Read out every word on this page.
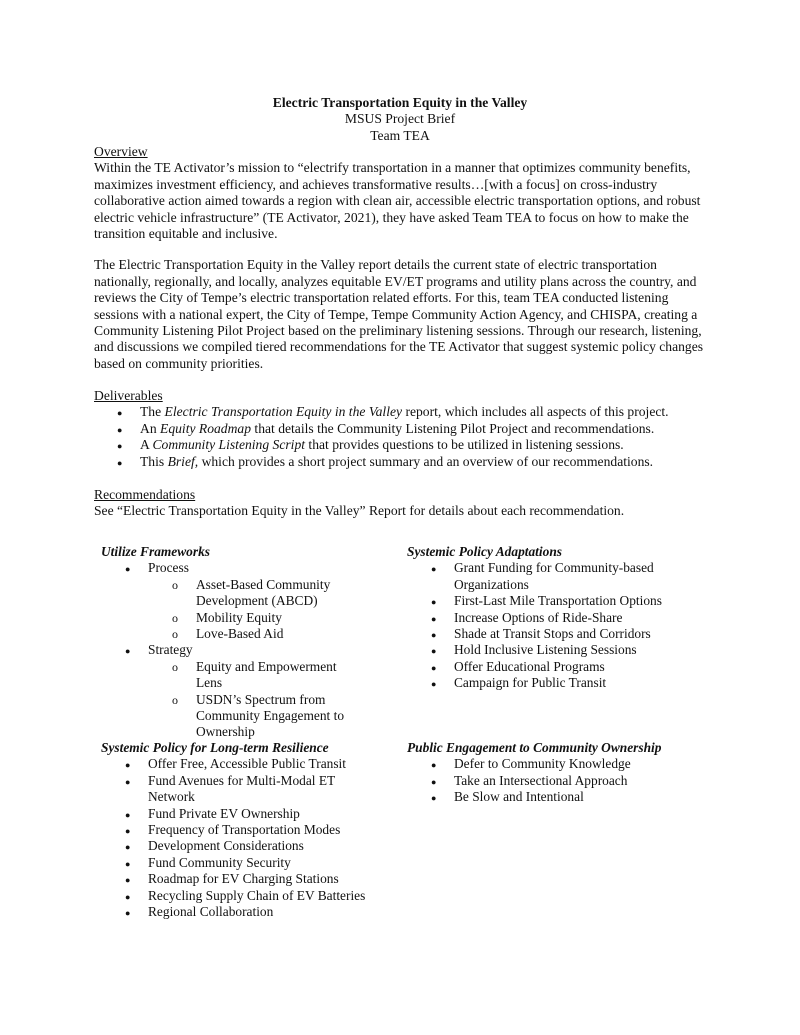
Electric Transportation Equity in the Valley
MSUS Project Brief
Team TEA
Overview

Within the TE Activator’s mission to “electrify transportation in a manner that optimizes community benefits, maximizes investment efficiency, and achieves transformative results…[with a focus] on cross-industry collaborative action aimed towards a region with clean air, accessible electric transportation options, and robust electric vehicle infrastructure” (TE Activator, 2021), they have asked Team TEA to focus on how to make the transition equitable and inclusive.

The Electric Transportation Equity in the Valley report details the current state of electric transportation nationally, regionally, and locally, analyzes equitable EV/ET programs and utility plans across the country, and reviews the City of Tempe’s electric transportation related efforts. For this, team TEA conducted listening sessions with a national expert, the City of Tempe, Tempe Community Action Agency, and CHISPA, creating a Community Listening Pilot Project based on the preliminary listening sessions. Through our research, listening, and discussions we compiled tiered recommendations for the TE Activator that suggest systemic policy changes based on community priorities.

Deliverables
● The Electric Transportation Equity in the Valley report, which includes all aspects of this project.
● An Equity Roadmap that details the Community Listening Pilot Project and recommendations.
● A Community Listening Script that provides questions to be utilized in listening sessions.
● This Brief, which provides a short project summary and an overview of our recommendations.
Recommendations
See “Electric Transportation Equity in the Valley” Report for details about each recommendation.
Utilize Frameworks
● Process
o Asset-Based Community Development (ABCD)
o Mobility Equity
o Love-Based Aid
● Strategy
o Equity and Empowerment Lens
o USDN’s Spectrum from Community Engagement to Ownership
Systemic Policy Adaptations
● Grant Funding for Community-based Organizations
● First-Last Mile Transportation Options
● Increase Options of Ride-Share
● Shade at Transit Stops and Corridors
● Hold Inclusive Listening Sessions
● Offer Educational Programs
● Campaign for Public Transit
Systemic Policy for Long-term Resilience
● Offer Free, Accessible Public Transit
● Fund Avenues for Multi-Modal ET Network
● Fund Private EV Ownership
● Frequency of Transportation Modes
● Development Considerations
● Fund Community Security
● Roadmap for EV Charging Stations
● Recycling Supply Chain of EV Batteries
● Regional Collaboration
Public Engagement to Community Ownership
● Defer to Community Knowledge
● Take an Intersectional Approach
● Be Slow and Intentional
